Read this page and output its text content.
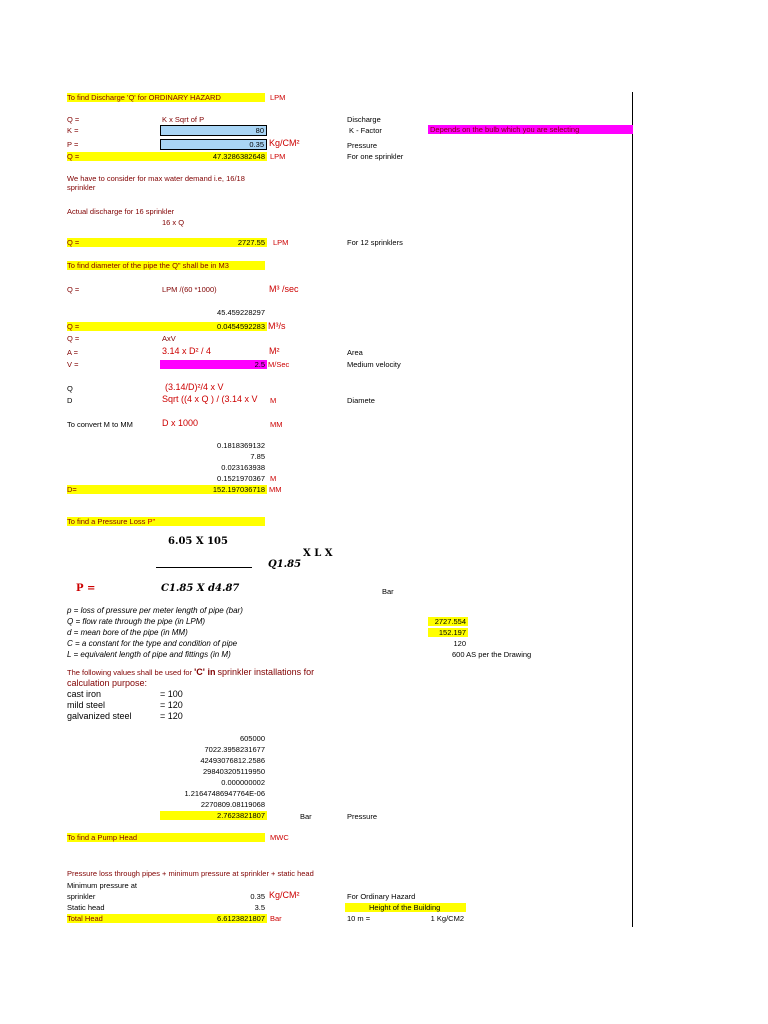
To find Discharge 'Q' for ORDINARY HAZARD	LPM
Q =	K x Sqrt of P	Discharge
K =	80	K - Factor	Depends on the bulb which you are selecting
P =	0.35 Kg/CM²	Pressure
Q =	47.3286382648 LPM	For one sprinkler
We have to consider for max water demand i.e, 16/18 sprinkler
Actual discharge for 16 sprinkler
16 x Q
Q =	2727.55 LPM	For 12 sprinklers
To find diameter of the pipe the Q" shall be in M3
Q =	LPM /(60 *1000)	M³ /sec
45.459228297
Q =	0.0454592283 M³/s
Q =	AxV
A =	3.14 x D² / 4	M²	Area
V =	2.5 M/Sec	Medium velocity
Q	(3.14/D)²/4 x V
D	Sqrt ((4 x Q ) / (3.14 x V M	Diamete
To convert M to MM	D x 1000	MM
0.1818369132
7.85
0.023163938
0.1521970367 M
D=	152.197036718 MM
To find a Pressure Loss P"
6.05 X 105
X L X
Q1.85
P =	C1.85 X d4.87	Bar
p = loss of pressure per meter length of pipe (bar)
Q = flow rate through the pipe (in LPM)	2727.554
d = mean bore of the pipe (in MM)	152.197
C = a constant for the type and condition of pipe	120
L = equivalent length of pipe and fittings (in M)	600 AS per the Drawing
The following values shall be used for 'C' in sprinkler installations for
calculation purpose:
cast iron	= 100
mild steel	= 120
galvanized steel	= 120
605000
7022.3958231677
42493076812.2586
298403205119950
0.000000002
1.21647486947764E-06
2270809.08119068
2.7623821807	Bar	Pressure
To find a Pump Head	MWC
Pressure loss through pipes + minimum pressure at sprinkler + static head
Minimum pressure at
sprinkler	0.35 Kg/CM²	For Ordinary Hazard
Static head	3.5	Height of the Building
Total Head	6.6123821807 Bar	10 m =	1 Kg/CM2
